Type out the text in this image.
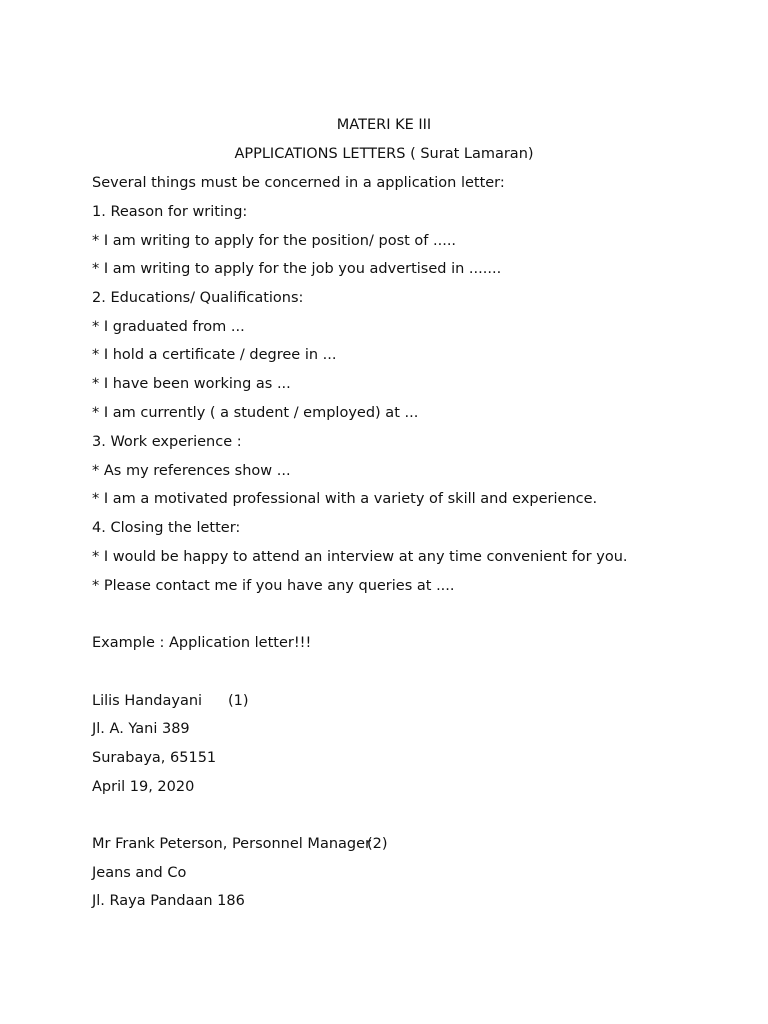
MATERI KE III
APPLICATIONS LETTERS ( Surat Lamaran)
Several things must be concerned in a application letter:
1. Reason for writing:
* I am writing to apply for the position/ post of .....
* I am writing to apply for the job you advertised in .......
2. Educations/ Qualifications:
* I graduated from ...
* I hold a certificate / degree in ...
* I have been working as ...
* I am currently ( a student / employed) at ...
3. Work experience :
* As my references show ...
* I am a motivated professional with a variety of skill and experience.
4. Closing the letter:
* I would be happy to attend an interview at any time convenient for you.
* Please contact me if you have any queries at ....
Example : Application letter!!!
Lilis Handayani (1)
Jl. A. Yani 389
Surabaya, 65151
April 19, 2020
Mr Frank Peterson, Personnel Manager
(2)
Jeans and Co
Jl. Raya Pandaan 186
